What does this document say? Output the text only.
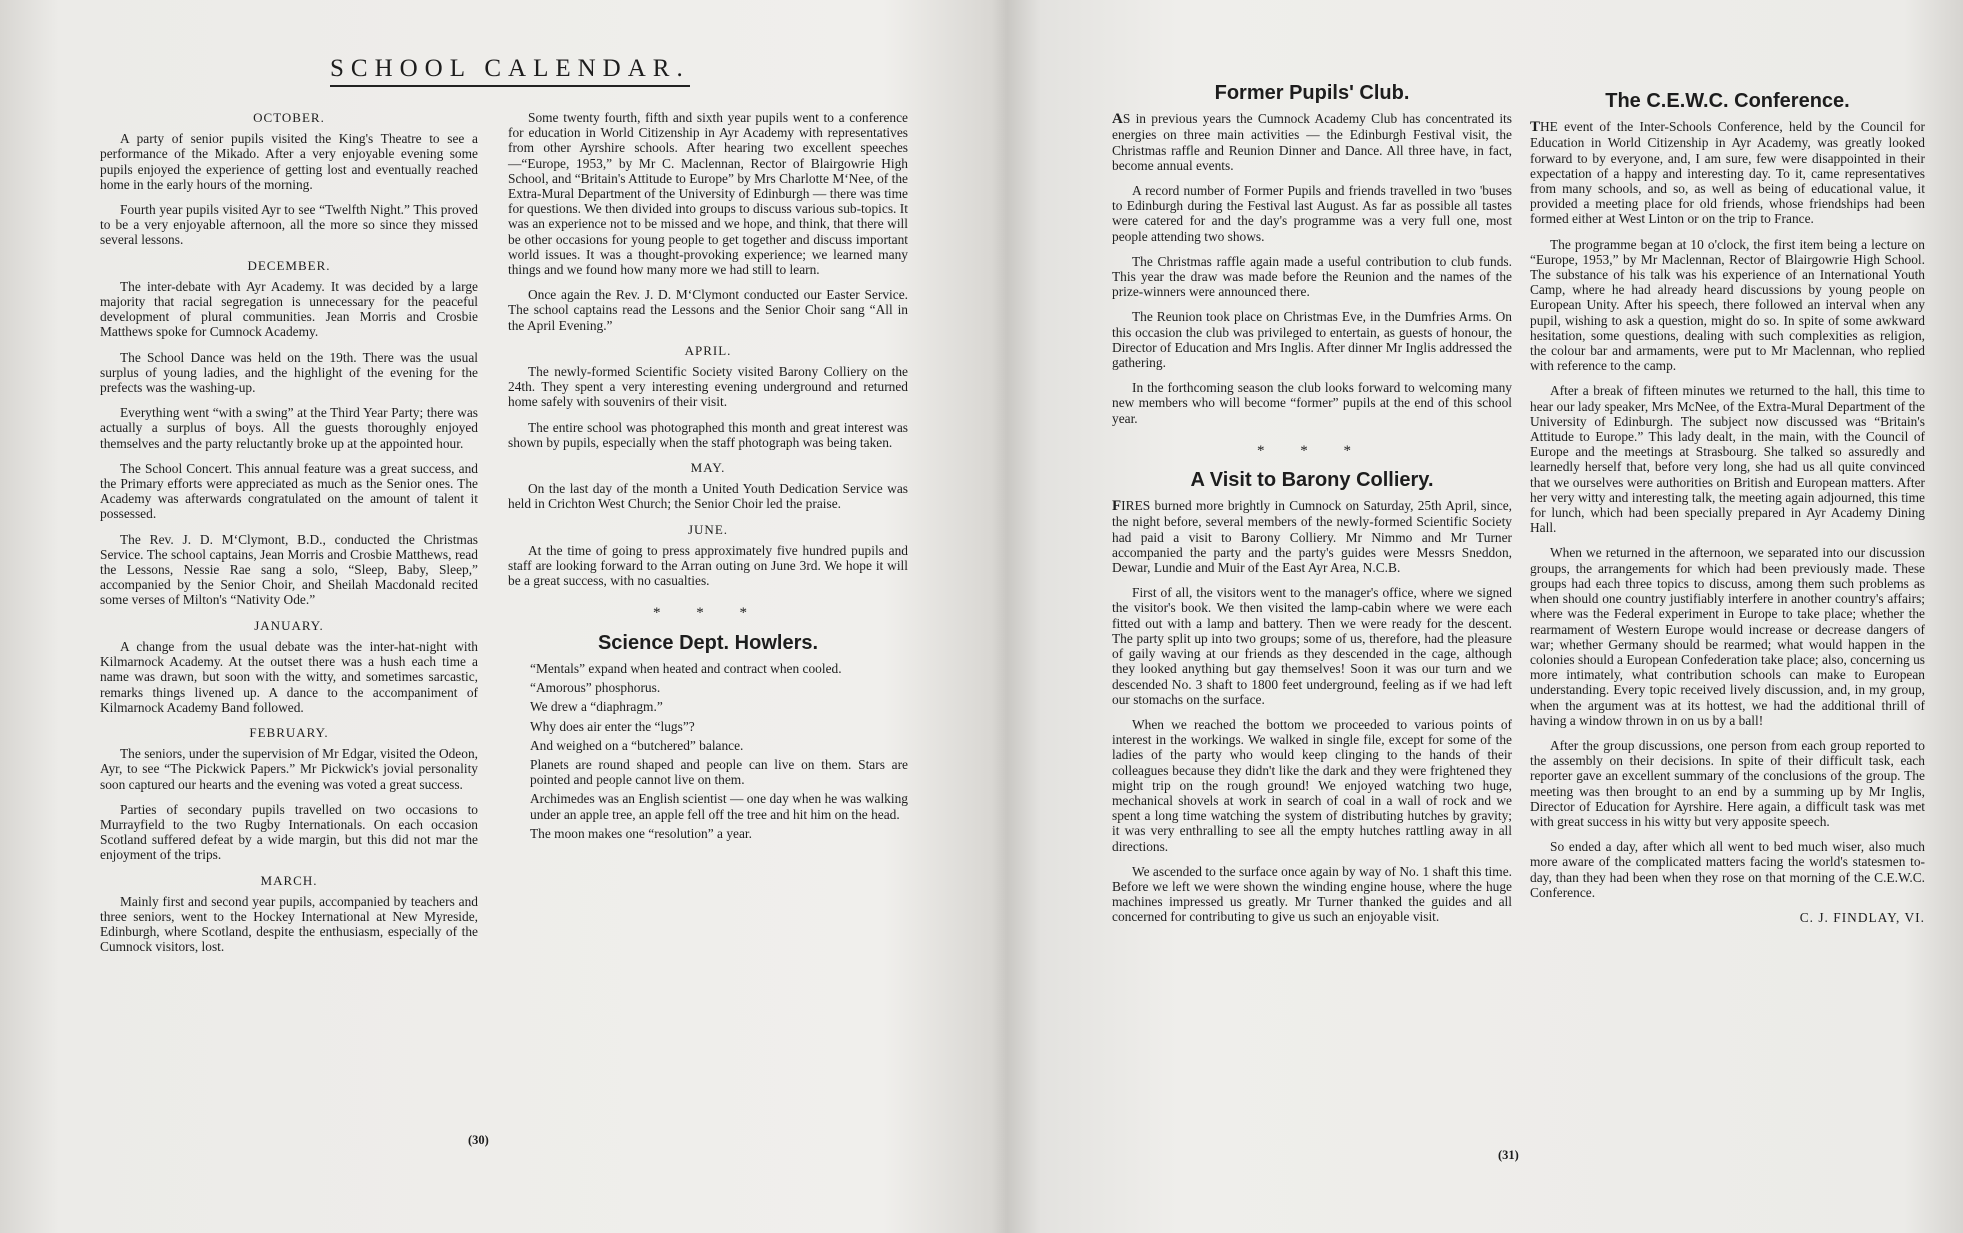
SCHOOL CALENDAR.
OCTOBER.

A party of senior pupils visited the King's Theatre to see a performance of the Mikado. After a very enjoyable evening some pupils enjoyed the experience of getting lost and eventually reached home in the early hours of the morning.

Fourth year pupils visited Ayr to see “Twelfth Night.” This proved to be a very enjoyable afternoon, all the more so since they missed several lessons.

DECEMBER.

The inter-debate with Ayr Academy. It was decided by a large majority that racial segregation is unnecessary for the peaceful development of plural communities. Jean Morris and Crosbie Matthews spoke for Cumnock Academy.

The School Dance was held on the 19th. There was the usual surplus of young ladies, and the highlight of the evening for the prefects was the washing-up.

Everything went “with a swing” at the Third Year Party; there was actually a surplus of boys. All the guests thoroughly enjoyed themselves and the party reluctantly broke up at the appointed hour.

The School Concert. This annual feature was a great success, and the Primary efforts were appreciated as much as the Senior ones. The Academy was afterwards congratulated on the amount of talent it possessed.

The Rev. J. D. M‘Clymont, B.D., conducted the Christmas Service. The school captains, Jean Morris and Crosbie Matthews, read the Lessons, Nessie Rae sang a solo, “Sleep, Baby, Sleep,” accompanied by the Senior Choir, and Sheilah Macdonald recited some verses of Milton's “Nativity Ode.”

JANUARY.

A change from the usual debate was the inter-hat-night with Kilmarnock Academy. At the outset there was a hush each time a name was drawn, but soon with the witty, and sometimes sarcastic, remarks things livened up. A dance to the accompaniment of Kilmarnock Academy Band followed.

FEBRUARY.

The seniors, under the supervision of Mr Edgar, visited the Odeon, Ayr, to see “The Pickwick Papers.” Mr Pickwick's jovial personality soon captured our hearts and the evening was voted a great success.

Parties of secondary pupils travelled on two occasions to Murrayfield to the two Rugby Internationals. On each occasion Scotland suffered defeat by a wide margin, but this did not mar the enjoyment of the trips.

MARCH.

Mainly first and second year pupils, accompanied by teachers and three seniors, went to the Hockey International at New Myreside, Edinburgh, where Scotland, despite the enthusiasm, especially of the Cumnock visitors, lost.

Some twenty fourth, fifth and sixth year pupils went to a conference for education in World Citizenship in Ayr Academy with representatives from other Ayrshire schools. After hearing two excellent speeches—“Europe, 1953,” by Mr C. Maclennan, Rector of Blairgowrie High School, and “Britain's Attitude to Europe” by Mrs Charlotte M‘Nee, of the Extra-Mural Department of the University of Edinburgh — there was time for questions. We then divided into groups to discuss various sub-topics. It was an experience not to be missed and we hope, and think, that there will be other occasions for young people to get together and discuss important world issues. It was a thought-provoking experience; we learned many things and we found how many more we had still to learn.

Once again the Rev. J. D. M‘Clymont conducted our Easter Service. The school captains read the Lessons and the Senior Choir sang “All in the April Evening.”

APRIL.

The newly-formed Scientific Society visited Barony Colliery on the 24th. They spent a very interesting evening underground and returned home safely with souvenirs of their visit.

The entire school was photographed this month and great interest was shown by pupils, especially when the staff photograph was being taken.

MAY.

On the last day of the month a United Youth Dedication Service was held in Crichton West Church; the Senior Choir led the praise.

JUNE.

At the time of going to press approximately five hundred pupils and staff are looking forward to the Arran outing on June 3rd. We hope it will be a great success, with no casualties.

* * *
Science Dept. Howlers.

“Mentals” expand when heated and contract when cooled.

“Amorous” phosphorus.

We drew a “diaphragm.”

Why does air enter the “lugs”?

And weighed on a “butchered” balance.

Planets are round shaped and people can live on them. Stars are pointed and people cannot live on them.

Archimedes was an English scientist — one day when he was walking under an apple tree, an apple fell off the tree and hit him on the head.

The moon makes one “resolution” a year.

(30)
Former Pupils' Club.

AS in previous years the Cumnock Academy Club has concentrated its energies on three main activities — the Edinburgh Festival visit, the Christmas raffle and Reunion Dinner and Dance. All three have, in fact, become annual events.

A record number of Former Pupils and friends travelled in two 'buses to Edinburgh during the Festival last August. As far as possible all tastes were catered for and the day's programme was a very full one, most people attending two shows.

The Christmas raffle again made a useful contribution to club funds. This year the draw was made before the Reunion and the names of the prize-winners were announced there.

The Reunion took place on Christmas Eve, in the Dumfries Arms. On this occasion the club was privileged to entertain, as guests of honour, the Director of Education and Mrs Inglis. After dinner Mr Inglis addressed the gathering.

In the forthcoming season the club looks forward to welcoming many new members who will become “former” pupils at the end of this school year.

* * *
A Visit to Barony Colliery.

FIRES burned more brightly in Cumnock on Saturday, 25th April, since, the night before, several members of the newly-formed Scientific Society had paid a visit to Barony Colliery. Mr Nimmo and Mr Turner accompanied the party and the party's guides were Messrs Sneddon, Dewar, Lundie and Muir of the East Ayr Area, N.C.B.

First of all, the visitors went to the manager's office, where we signed the visitor's book. We then visited the lamp-cabin where we were each fitted out with a lamp and battery. Then we were ready for the descent. The party split up into two groups; some of us, therefore, had the pleasure of gaily waving at our friends as they descended in the cage, although they looked anything but gay themselves! Soon it was our turn and we descended No. 3 shaft to 1800 feet underground, feeling as if we had left our stomachs on the surface.

When we reached the bottom we proceeded to various points of interest in the workings. We walked in single file, except for some of the ladies of the party who would keep clinging to the hands of their colleagues because they didn't like the dark and they were frightened they might trip on the rough ground! We enjoyed watching two huge, mechanical shovels at work in search of coal in a wall of rock and we spent a long time watching the system of distributing hutches by gravity; it was very enthralling to see all the empty hutches rattling away in all directions.

We ascended to the surface once again by way of No. 1 shaft this time. Before we left we were shown the winding engine house, where the huge machines impressed us greatly. Mr Turner thanked the guides and all concerned for contributing to give us such an enjoyable visit.

The C.E.W.C. Conference.

THE event of the Inter-Schools Conference, held by the Council for Education in World Citizenship in Ayr Academy, was greatly looked forward to by everyone, and, I am sure, few were disappointed in their expectation of a happy and interesting day. To it, came representatives from many schools, and so, as well as being of educational value, it provided a meeting place for old friends, whose friendships had been formed either at West Linton or on the trip to France.

The programme began at 10 o'clock, the first item being a lecture on “Europe, 1953,” by Mr Maclennan, Rector of Blairgowrie High School. The substance of his talk was his experience of an International Youth Camp, where he had already heard discussions by young people on European Unity. After his speech, there followed an interval when any pupil, wishing to ask a question, might do so. In spite of some awkward hesitation, some questions, dealing with such complexities as religion, the colour bar and armaments, were put to Mr Maclennan, who replied with reference to the camp.

After a break of fifteen minutes we returned to the hall, this time to hear our lady speaker, Mrs McNee, of the Extra-Mural Department of the University of Edinburgh. The subject now discussed was “Britain's Attitude to Europe.” This lady dealt, in the main, with the Council of Europe and the meetings at Strasbourg. She talked so assuredly and learnedly herself that, before very long, she had us all quite convinced that we ourselves were authorities on British and European matters. After her very witty and interesting talk, the meeting again adjourned, this time for lunch, which had been specially prepared in Ayr Academy Dining Hall.

When we returned in the afternoon, we separated into our discussion groups, the arrangements for which had been previously made. These groups had each three topics to discuss, among them such problems as when should one country justifiably interfere in another country's affairs; where was the Federal experiment in Europe to take place; whether the rearmament of Western Europe would increase or decrease dangers of war; whether Germany should be rearmed; what would happen in the colonies should a European Confederation take place; also, concerning us more intimately, what contribution schools can make to European understanding. Every topic received lively discussion, and, in my group, when the argument was at its hottest, we had the additional thrill of having a window thrown in on us by a ball!

After the group discussions, one person from each group reported to the assembly on their decisions. In spite of their difficult task, each reporter gave an excellent summary of the conclusions of the group. The meeting was then brought to an end by a summing up by Mr Inglis, Director of Education for Ayrshire. Here again, a difficult task was met with great success in his witty but very apposite speech.

So ended a day, after which all went to bed much wiser, also much more aware of the complicated matters facing the world's statesmen to-day, than they had been when they rose on that morning of the C.E.W.C. Conference.

C. J. FINDLAY, VI.
(31)
